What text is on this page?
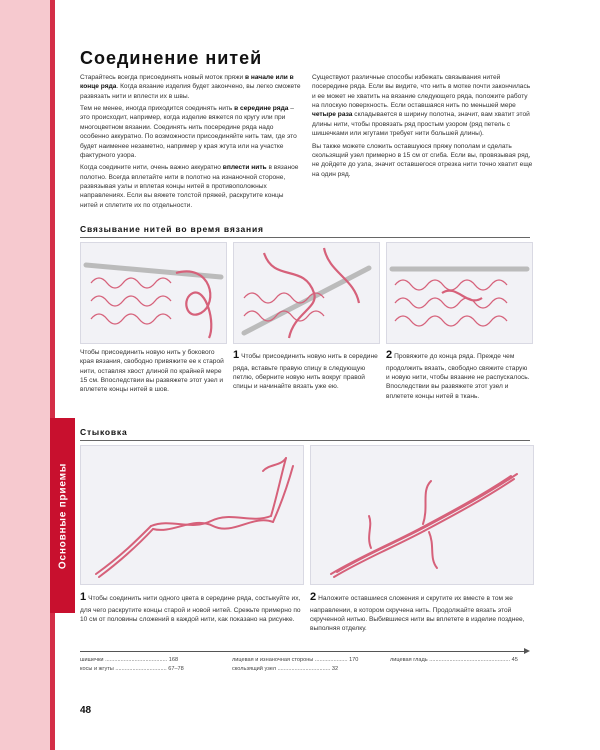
Основные приемы
Соединение нитей

Старайтесь всегда присоединять новый моток пряжи в начале или в конце ряда. Когда вязание изделия будет закончено, вы легко сможете развязать нити и вплести их в швы.

Тем не менее, иногда приходится соединять нить в середине ряда – это происходит, например, когда изделие вяжется по кругу или при многоцветном вязании. Соединять нить посередине ряда надо особенно аккуратно. По возможности присоединяйте нить там, где это будет наименее незаметно, например у края жгута или на участке фактурного узора.

Когда соедините нити, очень важно аккуратно вплести нить в вязаное полотно. Всегда вплетайте нити в полотно на изнаночной стороне, развязывая узлы и вплетая концы нитей в противоположных направлениях. Если вы вяжете толстой пряжей, раскрутите концы нитей и сплетите их по отдельности.

Существуют различные способы избежать связывания нитей посередине ряда. Если вы видите, что нить в мотке почти закончилась и ее может не хватить на вязание следующего ряда, положите работу на плоскую поверхность. Если оставшаяся нить по меньшей мере четыре раза складывается в ширину полотна, значит, вам хватит этой длины нити, чтобы провязать ряд простым узором (ряд петель с шишечками или жгутами требует нити большей длины).

Вы также можете сложить оставшуюся пряжу пополам и сделать скользящий узел примерно в 15 см от сгиба. Если вы, провязывая ряд, не дойдете до узла, значит оставшегося отрезка нити точно хватит еще на один ряд.

Связывание нитей во время вязания
Чтобы присоединить новую нить у бокового края вязания, свободно привяжите ее к старой нити, оставляя хвост длиной по крайней мере 15 см. Впоследствии вы развяжете этот узел и вплетете концы нитей в шов.
1 Чтобы присоединить новую нить в середине ряда, вставьте правую спицу в следующую петлю, оберните новую нить вокруг правой спицы и начинайте вязать уже ею.
2 Провяжите до конца ряда. Прежде чем продолжить вязать, свободно свяжите старую и новую нити, чтобы вязание не распускалось. Впоследствии вы развяжете этот узел и вплетете концы нитей в ткань.
Стыковка
1 Чтобы соединить нити одного цвета в середине ряда, состыкуйте их, для чего раскрутите концы старой и новой нитей. Срежьте примерно по 10 см от половины сложений в каждой нити, как показано на рисунке.
2 Наложите оставшиеся сложения и скрутите их вместе в том же направлении, в котором скручена нить. Продолжайте вязать этой скрученной нитью. Выбившиеся нити вы вплетете в изделие позднее, выполняя отделку.
шишечки ........................................ 168
косы и жгуты ................................. 67–78
лицевая и изнаночная стороны ..................... 170
скользящий узел .................................. 32
лицевая гладь .................................................... 45
48
